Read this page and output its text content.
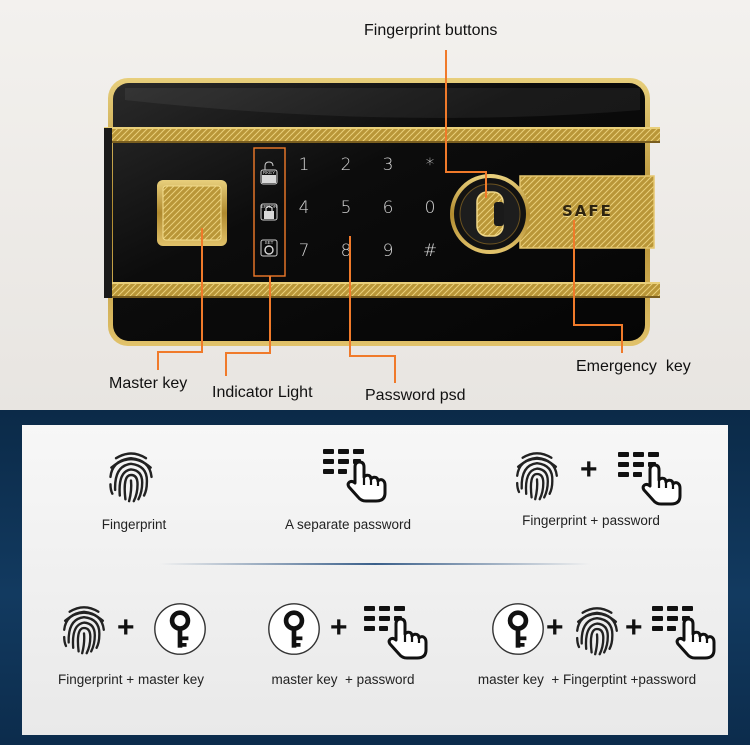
RKEY
ERROR
SET
1	2	3	*
4	5	6	0
7	8	9	#
SAFE
Fingerprint buttons
Master key
Indicator Light	Password psd
Emergency  key
Fingerprint	A separate password
+
Fingerprint + password
+
Fingerprint + master key
+
master key  + password
+ +
master key  + Fingerptint +password
